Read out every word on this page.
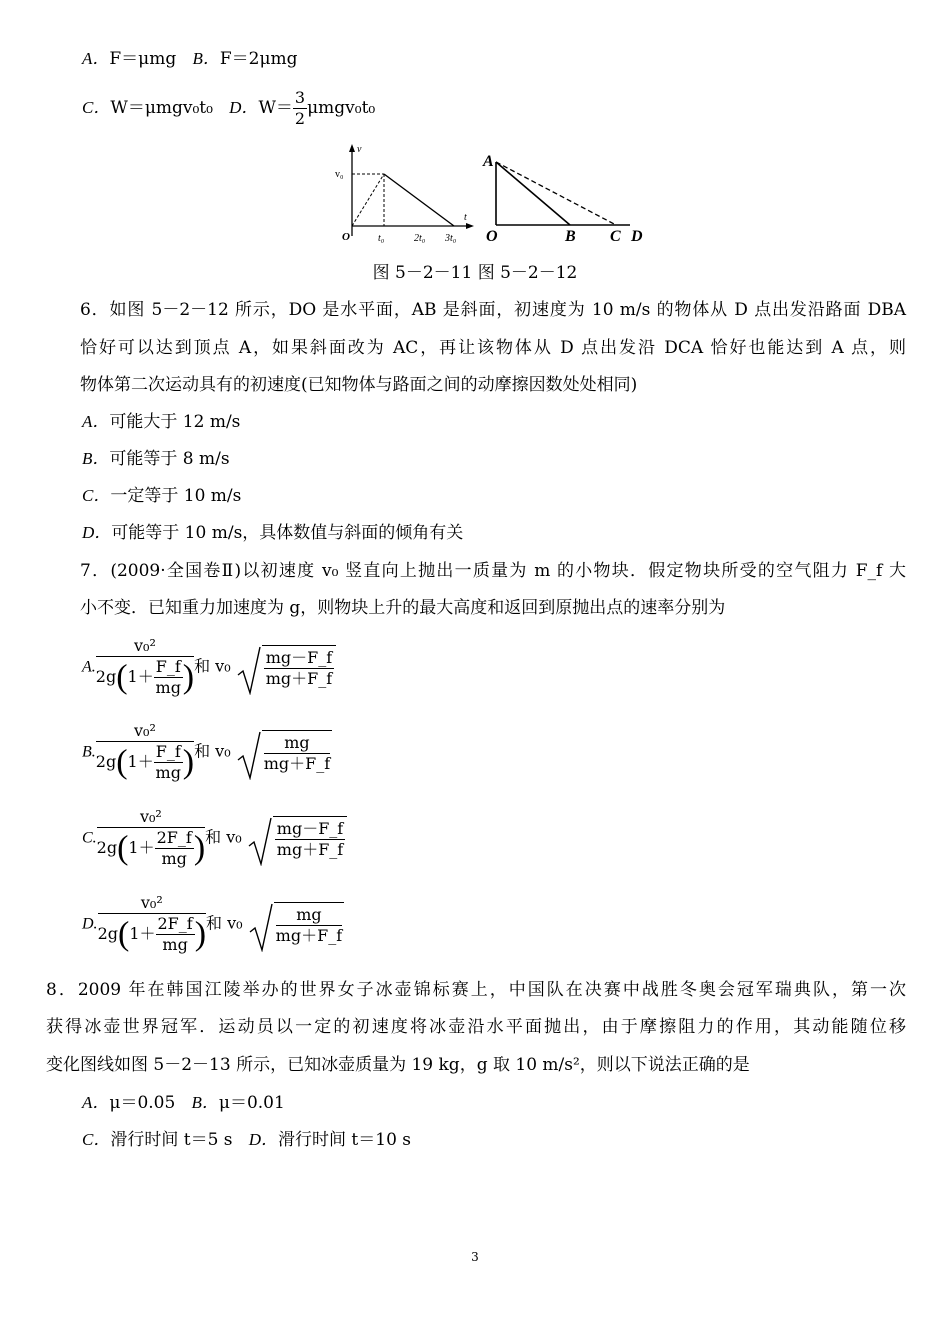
A．F＝μmg B．F＝2μmg
C．W＝μmgv₀t₀ D．$W= \frac{3}{2} \mu mgv_0t_0$
v
t
v₀
O	t₀	2t₀ 3t₀
A
O	B C D
图 5－2－11 图 5－2－12
6．如图 5－2－12 所示，DO 是水平面，AB 是斜面，初速度为 10 m/s 的物体从 D 点出发沿路面 DBA
恰好可以达到顶点 A，如果斜面改为 AC，再让该物体从 D 点出发沿 DCA 恰好也能达到 A 点，则
物体第二次运动具有的初速度(已知物体与路面之间的动摩擦因数处处相同)
A．可能大于 12 m/s
B．可能等于 8 m/s
C．一定等于 10 m/s
D．可能等于 10 m/s，具体数值与斜面的倾角有关
7．(2009·全国卷Ⅱ)以初速度 v₀ 竖直向上抛出一质量为 m 的小物块．假定物块所受的空气阻力 F_f 大
小不变．已知重力加速度为 g，则物块上升的最大高度和返回到原抛出点的速率分别为
A. $\frac{\text{v₀²}}{2g(1+ \frac{F\_f}{mg} )}$ 和 $v_0 \frac{mg-F\_f}{mg+F\_f}$
B. $\frac{\text{v₀²}}{2g(1+ \frac{F\_f}{mg} )}$ 和 $v_0 \frac{mg}{mg+F\_f}$
C. $\frac{\text{v₀²}}{2g(1+ \frac{2F\_f}{mg} )}$ 和 $v_0 \frac{mg-F\_f}{mg+F\_f}$
D. $\frac{\text{v₀²}}{2g(1+ \frac{2F\_f}{mg} )}$ 和 $v_0 \frac{mg}{mg+F\_f}$
8．2009 年在韩国江陵举办的世界女子冰壶锦标赛上，中国队在决赛中战胜冬奥会冠军瑞典队，第一次
获得冰壶世界冠军．运动员以一定的初速度将冰壶沿水平面抛出，由于摩擦阻力的作用，其动能随位移
变化图线如图 5－2－13 所示，已知冰壶质量为 19 kg，g 取 10 m/s²，则以下说法正确的是
A．μ＝0.05 B．μ＝0.01
C．滑行时间 t＝5 s D．滑行时间 t＝10 s
3
